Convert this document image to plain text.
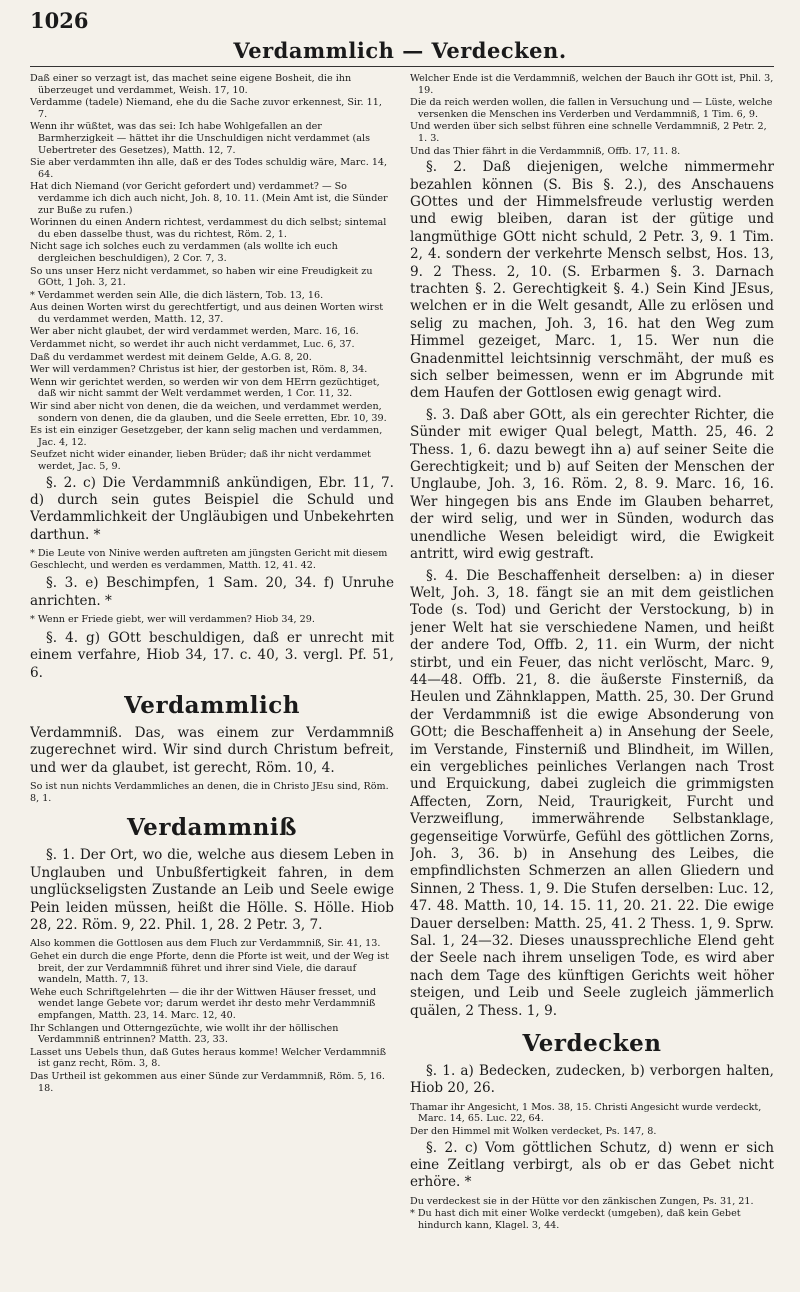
1026
Verdammlich — Verdecken.
Daß einer so verzagt ist, das machet seine eigene Bosheit, die ihn überzeuget und verdammet, Weish. 17, 10.
Verdamme (tadele) Niemand, ehe du die Sache zuvor erkennest, Sir. 11, 7.
Wenn ihr wüßtet, was das sei: Ich habe Wohlgefallen an der Barmherzigkeit — hättet ihr die Unschuldigen nicht verdammet (als Uebertreter des Gesetzes), Matth. 12, 7.
Sie aber verdammten ihn alle, daß er des Todes schuldig wäre, Marc. 14, 64.
Hat dich Niemand (vor Gericht gefordert und) verdammet? — So verdamme ich dich auch nicht, Joh. 8, 10. 11. (Mein Amt ist, die Sünder zur Buße zu rufen.)
Worinnen du einen Andern richtest, verdammest du dich selbst; sintemal du eben dasselbe thust, was du richtest, Röm. 2, 1.
Nicht sage ich solches euch zu verdammen (als wollte ich euch dergleichen beschuldigen), 2 Cor. 7, 3.
So uns unser Herz nicht verdammet, so haben wir eine Freudigkeit zu GOtt, 1 Joh. 3, 21.
* Verdammet werden sein Alle, die dich lästern, Tob. 13, 16.
Aus deinen Worten wirst du gerechtfertigt, und aus deinen Worten wirst du verdammet werden, Matth. 12, 37.
Wer aber nicht glaubet, der wird verdammet werden, Marc. 16, 16.
Verdammet nicht, so werdet ihr auch nicht verdammet, Luc. 6, 37.
Daß du verdammet werdest mit deinem Gelde, A.G. 8, 20.
Wer will verdammen? Christus ist hier, der gestorben ist, Röm. 8, 34.
Wenn wir gerichtet werden, so werden wir von dem HErrn gezüchtiget, daß wir nicht sammt der Welt verdammet werden, 1 Cor. 11, 32.
Wir sind aber nicht von denen, die da weichen, und verdammet werden, sondern von denen, die da glauben, und die Seele erretten, Ebr. 10, 39.
Es ist ein einziger Gesetzgeber, der kann selig machen und verdammen, Jac. 4, 12.
Seufzet nicht wider einander, lieben Brüder; daß ihr nicht verdammet werdet, Jac. 5, 9.

§. 2. c) Die Verdammniß ankündigen, Ebr. 11, 7. d) durch sein gutes Beispiel die Schuld und Verdammlichkeit der Ungläubigen und Unbekehrten darthun. *

* Die Leute von Ninive werden auftreten am jüngsten Gericht mit diesem Geschlecht, und werden es verdammen, Matth. 12, 41. 42.

§. 3. e) Beschimpfen, 1 Sam. 20, 34. f) Unruhe anrichten. *

* Wenn er Friede giebt, wer will verdammen? Hiob 34, 29.

§. 4. g) GOtt beschuldigen, daß er unrecht mit einem verfahre, Hiob 34, 17. c. 40, 3. vergl. Pf. 51, 6.

Verdammlich

Verdammniß. Das, was einem zur Verdammniß zugerechnet wird. Wir sind durch Christum befreit, und wer da glaubet, ist gerecht, Röm. 10, 4.

So ist nun nichts Verdammliches an denen, die in Christo JEsu sind, Röm. 8, 1.
Verdammniß

§. 1. Der Ort, wo die, welche aus diesem Leben in Unglauben und Unbußfertigkeit fahren, in dem unglückseligsten Zustande an Leib und Seele ewige Pein leiden müssen, heißt die Hölle. S. Hölle. Hiob 28, 22. Röm. 9, 22. Phil. 1, 28. 2 Petr. 3, 7.

Also kommen die Gottlosen aus dem Fluch zur Verdammniß, Sir. 41, 13.
Gehet ein durch die enge Pforte, denn die Pforte ist weit, und der Weg ist breit, der zur Verdammniß führet und ihrer sind Viele, die darauf wandeln, Matth. 7, 13.
Wehe euch Schriftgelehrten — die ihr der Wittwen Häuser fresset, und wendet lange Gebete vor; darum werdet ihr desto mehr Verdammniß empfangen, Matth. 23, 14. Marc. 12, 40.
Ihr Schlangen und Otterngezüchte, wie wollt ihr der höllischen Verdammniß entrinnen? Matth. 23, 33.
Lasset uns Uebels thun, daß Gutes heraus komme! Welcher Verdammniß ist ganz recht, Röm. 3, 8.
Das Urtheil ist gekommen aus einer Sünde zur Verdammniß, Röm. 5, 16. 18.
Welcher Ende ist die Verdammniß, welchen der Bauch ihr GOtt ist, Phil. 3, 19.
Die da reich werden wollen, die fallen in Versuchung und — Lüste, welche versenken die Menschen ins Verderben und Verdammniß, 1 Tim. 6, 9.
Und werden über sich selbst führen eine schnelle Verdammniß, 2 Petr. 2, 1. 3.
Und das Thier fährt in die Verdammniß, Offb. 17, 11. 8.

§. 2. Daß diejenigen, welche nimmermehr bezahlen können (S. Bis §. 2.), des Anschauens GOttes und der Himmelsfreude verlustig werden und ewig bleiben, daran ist der gütige und langmüthige GOtt nicht schuld, 2 Petr. 3, 9. 1 Tim. 2, 4. sondern der verkehrte Mensch selbst, Hos. 13, 9. 2 Thess. 2, 10. (S. Erbarmen §. 3. Darnach trachten §. 2. Gerechtigkeit §. 4.) Sein Kind JEsus, welchen er in die Welt gesandt, Alle zu erlösen und selig zu machen, Joh. 3, 16. hat den Weg zum Himmel gezeiget, Marc. 1, 15. Wer nun die Gnadenmittel leichtsinnig verschmäht, der muß es sich selber beimessen, wenn er im Abgrunde mit dem Haufen der Gottlosen ewig genagt wird.

§. 3. Daß aber GOtt, als ein gerechter Richter, die Sünder mit ewiger Qual belegt, Matth. 25, 46. 2 Thess. 1, 6. dazu bewegt ihn a) auf seiner Seite die Gerechtigkeit; und b) auf Seiten der Menschen der Unglaube, Joh. 3, 16. Röm. 2, 8. 9. Marc. 16, 16. Wer hingegen bis ans Ende im Glauben beharret, der wird selig, und wer in Sünden, wodurch das unendliche Wesen beleidigt wird, die Ewigkeit antritt, wird ewig gestraft.

§. 4. Die Beschaffenheit derselben: a) in dieser Welt, Joh. 3, 18. fängt sie an mit dem geistlichen Tode (s. Tod) und Gericht der Verstockung, b) in jener Welt hat sie verschiedene Namen, und heißt der andere Tod, Offb. 2, 11. ein Wurm, der nicht stirbt, und ein Feuer, das nicht verlöscht, Marc. 9, 44—48. Offb. 21, 8. die äußerste Finsterniß, da Heulen und Zähnklappen, Matth. 25, 30. Der Grund der Verdammniß ist die ewige Absonderung von GOtt; die Beschaffenheit a) in Ansehung der Seele, im Verstande, Finsterniß und Blindheit, im Willen, ein vergebliches peinliches Verlangen nach Trost und Erquickung, dabei zugleich die grimmigsten Affecten, Zorn, Neid, Traurigkeit, Furcht und Verzweiflung, immerwährende Selbstanklage, gegenseitige Vorwürfe, Gefühl des göttlichen Zorns, Joh. 3, 36. b) in Ansehung des Leibes, die empfindlichsten Schmerzen an allen Gliedern und Sinnen, 2 Thess. 1, 9. Die Stufen derselben: Luc. 12, 47. 48. Matth. 10, 14. 15. 11, 20. 21. 22. Die ewige Dauer derselben: Matth. 25, 41. 2 Thess. 1, 9. Sprw. Sal. 1, 24—32. Dieses unaussprechliche Elend geht der Seele nach ihrem unseligen Tode, es wird aber nach dem Tage des künftigen Gerichts weit höher steigen, und Leib und Seele zugleich jämmerlich quälen, 2 Thess. 1, 9.

Verdecken

§. 1. a) Bedecken, zudecken, b) verborgen halten, Hiob 20, 26.

Thamar ihr Angesicht, 1 Mos. 38, 15. Christi Angesicht wurde verdeckt, Marc. 14, 65. Luc. 22, 64.
Der den Himmel mit Wolken verdecket, Ps. 147, 8.

§. 2. c) Vom göttlichen Schutz, d) wenn er sich eine Zeitlang verbirgt, als ob er das Gebet nicht erhöre. *

Du verdeckest sie in der Hütte vor den zänkischen Zungen, Ps. 31, 21.
* Du hast dich mit einer Wolke verdeckt (umgeben), daß kein Gebet hindurch kann, Klagel. 3, 44.
